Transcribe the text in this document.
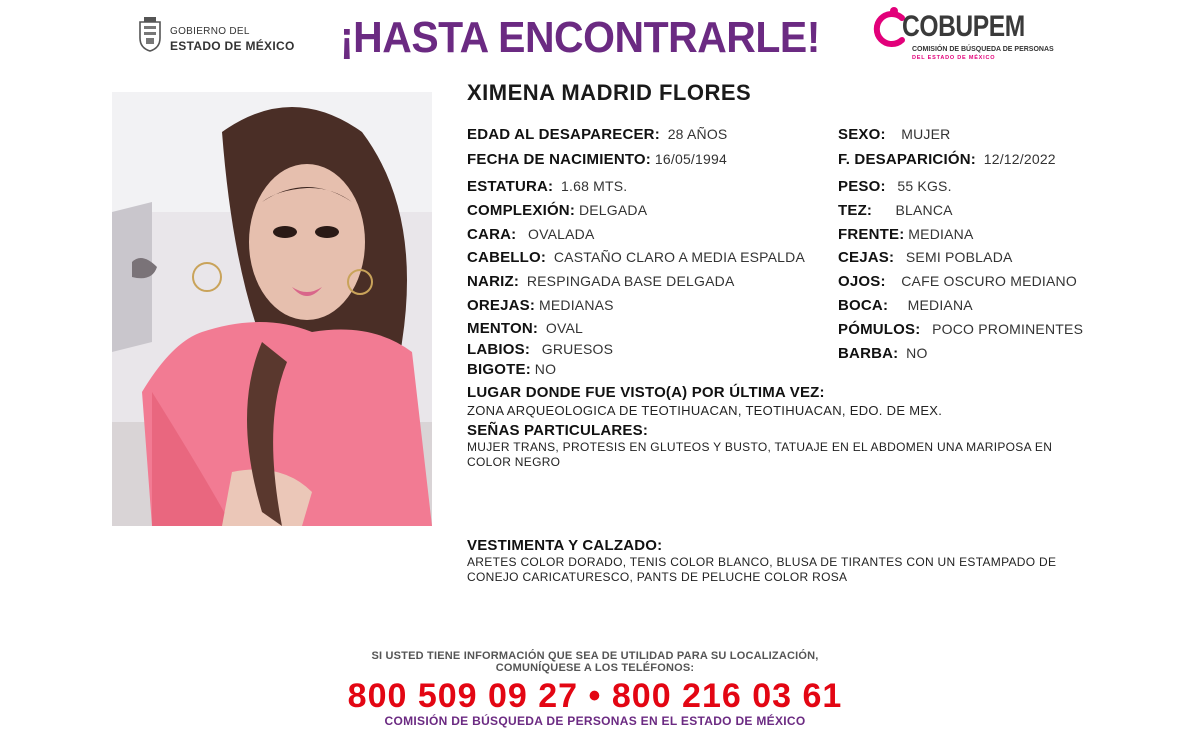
GOBIERNO DEL
ESTADO DE MÉXICO ¡HASTA ENCONTRARLE!	COBUPEM
COMISIÓN DE BÚSQUEDA DE PERSONAS
DEL ESTADO DE MÉXICO
XIMENA MADRID FLORES
EDAD AL DESAPARECER: 28 AÑOS
FECHA DE NACIMIENTO: 16/05/1994
ESTATURA: 1.68 MTS.
COMPLEXIÓN: DELGADA
CARA: OVALADA
CABELLO: CASTAÑO CLARO A MEDIA ESPALDA
NARIZ: RESPINGADA BASE DELGADA
OREJAS: MEDIANAS
MENTON: OVAL
LABIOS: GRUESOS
BIGOTE: NO
SEXO: MUJER
F. DESAPARICIÓN: 12/12/2022
PESO: 55 KGS.
TEZ: BLANCA
FRENTE: MEDIANA
CEJAS: SEMI POBLADA
OJOS: CAFE OSCURO MEDIANO
BOCA: MEDIANA
PÓMULOS: POCO PROMINENTES
BARBA: NO
LUGAR DONDE FUE VISTO(A) POR ÚLTIMA VEZ:
ZONA ARQUEOLOGICA DE TEOTIHUACAN, TEOTIHUACAN, EDO. DE MEX.
SEÑAS PARTICULARES:
MUJER TRANS, PROTESIS EN GLUTEOS Y BUSTO, TATUAJE EN EL ABDOMEN UNA MARIPOSA EN COLOR NEGRO
VESTIMENTA Y CALZADO:
ARETES COLOR DORADO, TENIS COLOR BLANCO, BLUSA DE TIRANTES CON UN ESTAMPADO DE CONEJO CARICATURESCO, PANTS DE PELUCHE COLOR ROSA
SI USTED TIENE INFORMACIÓN QUE SEA DE UTILIDAD PARA SU LOCALIZACIÓN,
COMUNÍQUESE A LOS TELÉFONOS:
800 509 09 27 • 800 216 03 61
COMISIÓN DE BÚSQUEDA DE PERSONAS EN EL ESTADO DE MÉXICO
